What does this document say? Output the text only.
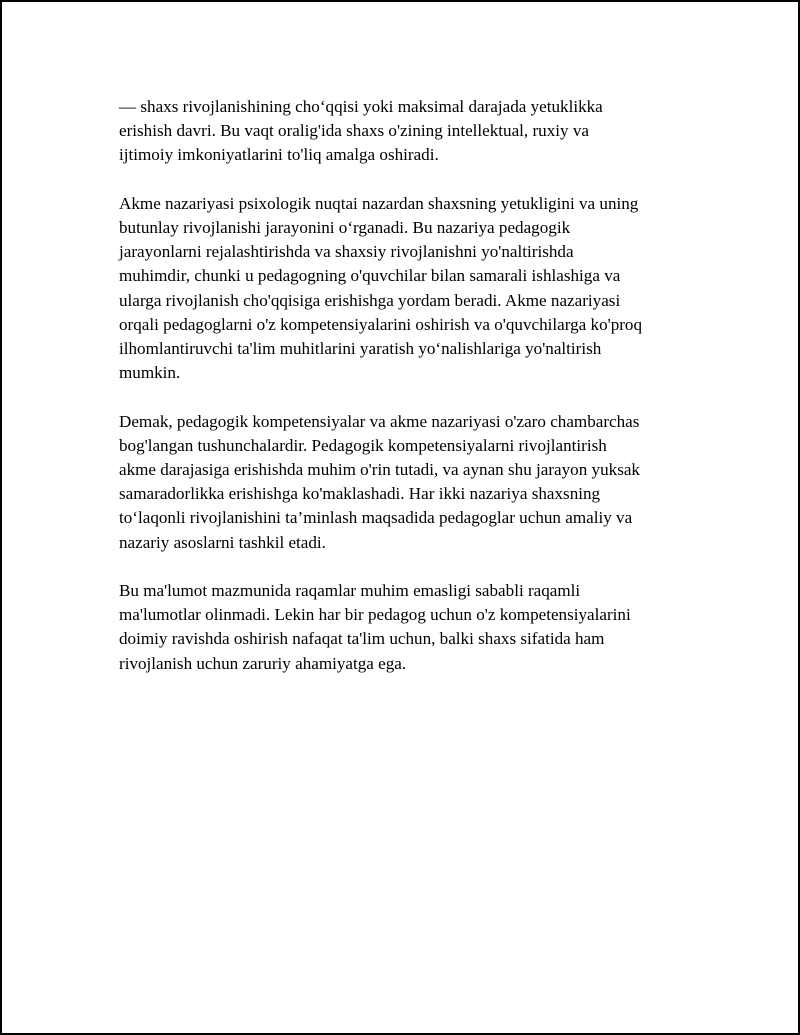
— shaxs rivojlanishining cho‘qqisi yoki maksimal darajada yetuklikka
erishish davri. Bu vaqt oralig'ida shaxs o'zining intellektual, ruxiy va
ijtimoiy imkoniyatlarini to'liq amalga oshiradi.

Akme nazariyasi psixologik nuqtai nazardan shaxsning yetukligini va uning
butunlay rivojlanishi jarayonini o‘rganadi. Bu nazariya pedagogik
jarayonlarni rejalashtirishda va shaxsiy rivojlanishni yo'naltirishda
muhimdir, chunki u pedagogning o'quvchilar bilan samarali ishlashiga va
ularga rivojlanish cho'qqisiga erishishga yordam beradi. Akme nazariyasi
orqali pedagoglarni o'z kompetensiyalarini oshirish va o'quvchilarga ko'proq
ilhomlantiruvchi ta'lim muhitlarini yaratish yo‘nalishlariga yo'naltirish
mumkin.

Demak, pedagogik kompetensiyalar va akme nazariyasi o'zaro chambarchas
bog'langan tushunchalardir. Pedagogik kompetensiyalarni rivojlantirish
akme darajasiga erishishda muhim o'rin tutadi, va aynan shu jarayon yuksak
samaradorlikka erishishga ko'maklashadi. Har ikki nazariya shaxsning
to‘laqonli rivojlanishini ta’minlash maqsadida pedagoglar uchun amaliy va
nazariy asoslarni tashkil etadi.

Bu ma'lumot mazmunida raqamlar muhim emasligi sababli raqamli
ma'lumotlar olinmadi. Lekin har bir pedagog uchun o'z kompetensiyalarini
doimiy ravishda oshirish nafaqat ta'lim uchun, balki shaxs sifatida ham
rivojlanish uchun zaruriy ahamiyatga ega.
